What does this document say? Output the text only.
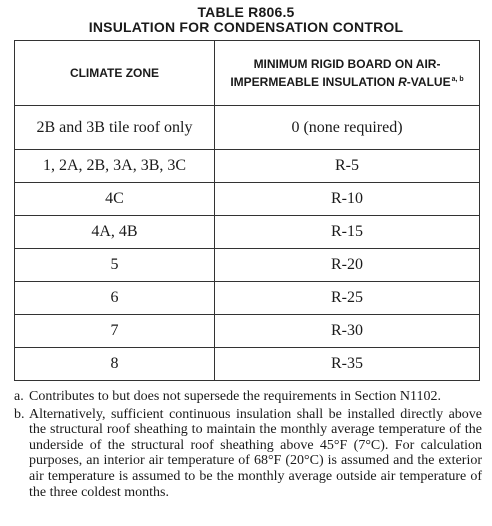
TABLE R806.5
INSULATION FOR CONDENSATION CONTROL
CLIMATE ZONE	MINIMUM RIGID BOARD ON AIR-
IMPERMEABLE INSULATION R-VALUE$^{a, b}$
2B and 3B tile roof only	0 (none required)
1, 2A, 2B, 3A, 3B, 3C	R-5
4C	R-10
4A, 4B	R-15
5	R-20
6	R-25
7	R-30
8	R-35
a. Contributes to but does not supersede the requirements in Section N1102.
b. Alternatively, sufficient continuous insulation shall be installed directly above the structural roof sheathing to maintain the monthly average temperature of the underside of the structural roof sheathing above 45°F (7°C). For calculation purposes, an interior air temperature of 68°F (20°C) is assumed and the exterior air temperature is assumed to be the monthly average outside air temperature of the three coldest months.
